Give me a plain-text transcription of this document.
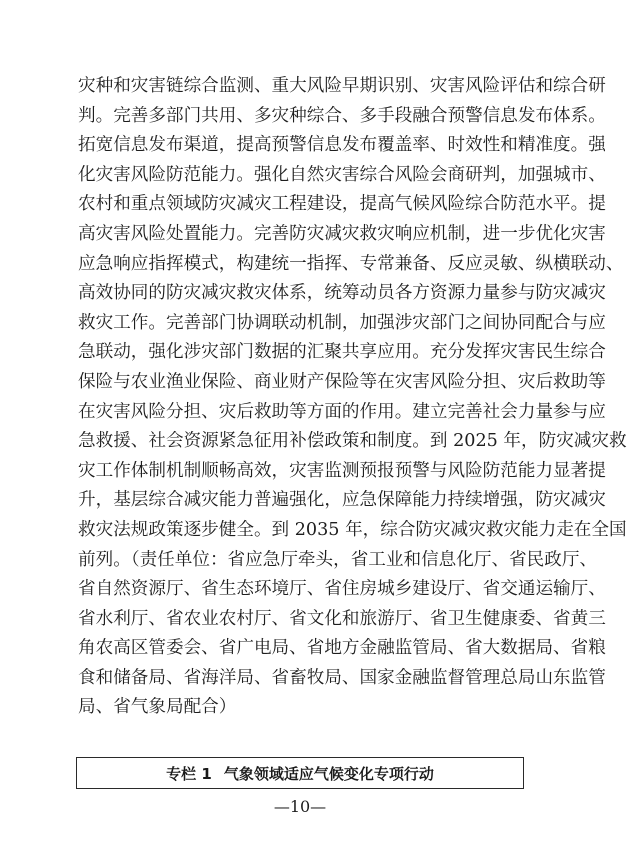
灾种和灾害链综合监测、重大风险早期识别、灾害风险评估和综合研
判。完善多部门共用、多灾种综合、多手段融合预警信息发布体系。
拓宽信息发布渠道，提高预警信息发布覆盖率、时效性和精准度。强
化灾害风险防范能力。强化自然灾害综合风险会商研判，加强城市、
农村和重点领域防灾减灾工程建设，提高气候风险综合防范水平。提
高灾害风险处置能力。完善防灾减灾救灾响应机制，进一步优化灾害
应急响应指挥模式，构建统一指挥、专常兼备、反应灵敏、纵横联动、
高效协同的防灾减灾救灾体系，统筹动员各方资源力量参与防灾减灾
救灾工作。完善部门协调联动机制，加强涉灾部门之间协同配合与应
急联动，强化涉灾部门数据的汇聚共享应用。充分发挥灾害民生综合
保险与农业渔业保险、商业财产保险等在灾害风险分担、灾后救助等
在灾害风险分担、灾后救助等方面的作用。建立完善社会力量参与应
急救援、社会资源紧急征用补偿政策和制度。到 2025 年，防灾减灾救
灾工作体制机制顺畅高效，灾害监测预报预警与风险防范能力显著提
升，基层综合减灾能力普遍强化，应急保障能力持续增强，防灾减灾
救灾法规政策逐步健全。到 2035 年，综合防灾减灾救灾能力走在全国
前列。（责任单位：省应急厅牵头，省工业和信息化厅、省民政厅、
省自然资源厅、省生态环境厅、省住房城乡建设厅、省交通运输厅、
省水利厅、省农业农村厅、省文化和旅游厅、省卫生健康委、省黄三
角农高区管委会、省广电局、省地方金融监管局、省大数据局、省粮
食和储备局、省海洋局、省畜牧局、国家金融监督管理总局山东监管
局、省气象局配合）
专栏 1 气象领域适应气候变化专项行动
—10—
